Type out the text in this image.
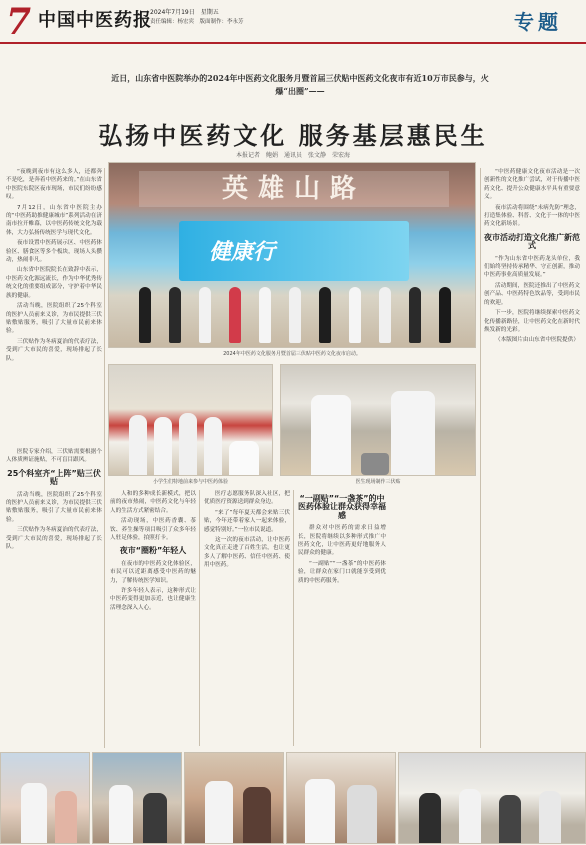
7 中国中医药报
2024年7月19日　星期五
责任编辑：杨宏宾　版面制作：李永芳	专题
近日，山东省中医院举办的2024年中医药文化服务月暨首届三伏贴中医药文化夜市有近10万市民参与，火爆“出圈”——
弘扬中医药文化 服务基层惠民生
本报记者　鲍娟　通讯员　张文静　荣宏海

“夜晚到夜市有这么多人，还都奔不是吃，是奔着中医药来的。”在山东省中医院东院区夜市现场，市民们纷纷感叹。

7月12日，山东省中医院主办的“中医药助推健康城市”系列活动在济南市拉开帷幕，以中医药传统文化为载体，大力弘扬传统医学与现代文化。

夜市设置中医药展示区、中医药体验区、膳食区等多个板块，现场人头攒动，热闹非凡。

山东省中医院院长在致辞中表示，中医药文化源远流长，作为中华优秀传统文化的重要组成部分，守护着中华民族的健康。

活动当晚，医院组织了25个科室的医护人员前来义诊，为市民提供三伏贴敷贴服务，吸引了大量市民前来体验。

三伏贴作为冬病夏治的代表疗法，受到广大市民的喜爱，现场排起了长队。

医院专家介绍，三伏贴需要根据个人体质辨证施贴，不可盲目跟风。

25个科室齐“上阵”贴三伏贴

活动当晚，医院组织了25个科室的医护人员前来义诊，为市民提供三伏贴敷贴服务，吸引了大量市民前来体验。

三伏贴作为冬病夏治的代表疗法，受到广大市民的喜爱，现场排起了长队。

英雄山路
健康行
2024年中医药文化服务月暨首届三伏贴中医药文化夜市启动。
小学生们特地前来参与中医药体验	医生现场制作三伏贴

人和的多种成长新模式，把以前的夜市热闹，中医药文化与年轻人的生活方式紧密结合。

活动现场，中医药香囊、茶饮、养生操等项目吸引了众多年轻人驻足体验，拍照打卡。

夜市“圈粉”年轻人

在夜市的中医药文化体验区，市民可以近距离感受中医药的魅力，了解传统医学知识。

许多年轻人表示，这种形式让中医药变得更加亲近，也让健康生活理念深入人心。

医疗志愿服务队深入社区，把优质医疗资源送到群众身边。

“来了”每年夏天都会来贴三伏贴，今年还带着家人一起来体验，感觉特别好。”一位市民说道。

这一次的夜市活动，让中医药文化真正走进了百姓生活，也让更多人了解中医药、信任中医药、使用中医药。

“一副贴”“一盏茶”的中医药体验让群众获得幸福感

群众对中医药的需求日益增长，医院将继续以多种形式推广中医药文化，让中医药更好地服务人民群众的健康。

“一副贴”“一盏茶”的中医药体验，让群众在家门口就能享受到优质的中医药服务。

“中医药健康文化夜市活动是一次创新性的文化推广尝试，对于传播中医药文化、提升公众健康水平具有重要意义。

夜市活动将围绕“未病先防”理念，打造集体验、科普、文化于一体的中医药文化新场景。

夜市活动打造文化推广新范式

“作为山东省中医药龙头单位，我们始终坚持传承精华、守正创新，推动中医药事业高质量发展。”

活动期间，医院还推出了中医药文创产品、中医药特色饮品等，受到市民的欢迎。

下一步，医院将继续探索中医药文化传播新路径，让中医药文化在新时代焕发新的光彩。

（本版图片由山东省中医院提供）
